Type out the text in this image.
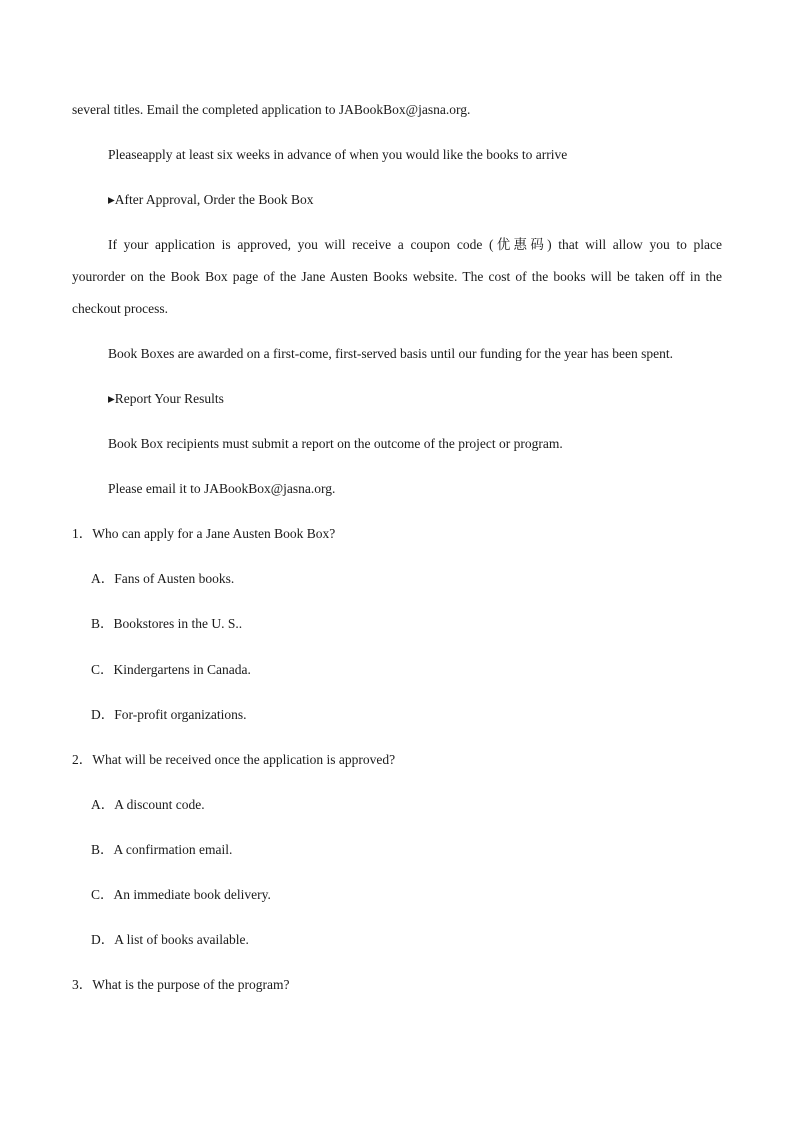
several titles. Email the completed application to JABookBox@jasna.org.
Pleaseapply at least six weeks in advance of when you would like the books to arrive
▸After Approval, Order the Book Box
If your application is approved, you will receive a coupon code (优惠码) that will allow you to place
yourorder on the Book Box page of the Jane Austen Books website. The cost of the books will be taken off in the
checkout process.
Book Boxes are awarded on a first-come, first-served basis until our funding for the year has been spent.
▸Report Your Results
Book Box recipients must submit a report on the outcome of the project or program.
Please email it to JABookBox@jasna.org.
1．Who can apply for a Jane Austen Book Box?
A．Fans of Austen books.
B．Bookstores in the U. S..
C．Kindergartens in Canada.
D．For-profit organizations.
2．What will be received once the application is approved?
A．A discount code.
B．A confirmation email.
C．An immediate book delivery.
D．A list of books available.
3．What is the purpose of the program?
